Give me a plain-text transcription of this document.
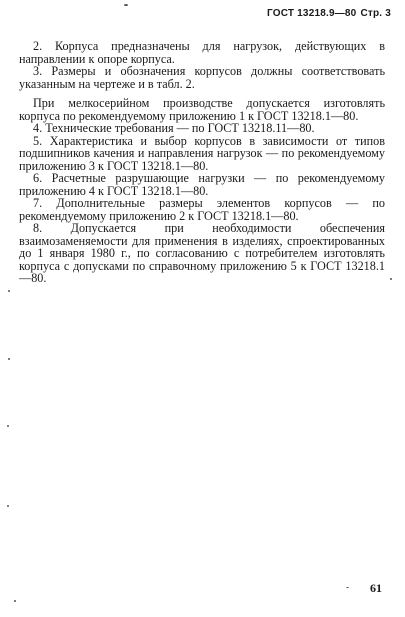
ГОСТ 13218.9—80 Стр. 3

2. Корпуса предназначены для нагрузок, действующих в направлении к опоре корпуса.

3. Размеры и обозначения корпусов должны соответствовать указанным на чертеже и в табл. 2.

При мелкосерийном производстве допускается изготовлять корпуса по рекомендуемому приложению 1 к ГОСТ 13218.1—80.

4. Технические требования — по ГОСТ 13218.11—80.

5. Характеристика и выбор корпусов в зависимости от типов подшипников качения и направления нагрузок — по рекомендуемому приложению 3 к ГОСТ 13218.1—80.

6. Расчетные разрушающие нагрузки — по рекомендуемому приложению 4 к ГОСТ 13218.1—80.

7. Дополнительные размеры элементов корпусов — по рекомендуемому приложению 2 к ГОСТ 13218.1—80.

8. Допускается при необходимости обеспечения взаимозаменяемости для применения в изделиях, спроектированных до 1 января 1980 г., по согласованию с потребителем изготовлять корпуса с допусками по справочному приложению 5 к ГОСТ 13218.1—80.

61
